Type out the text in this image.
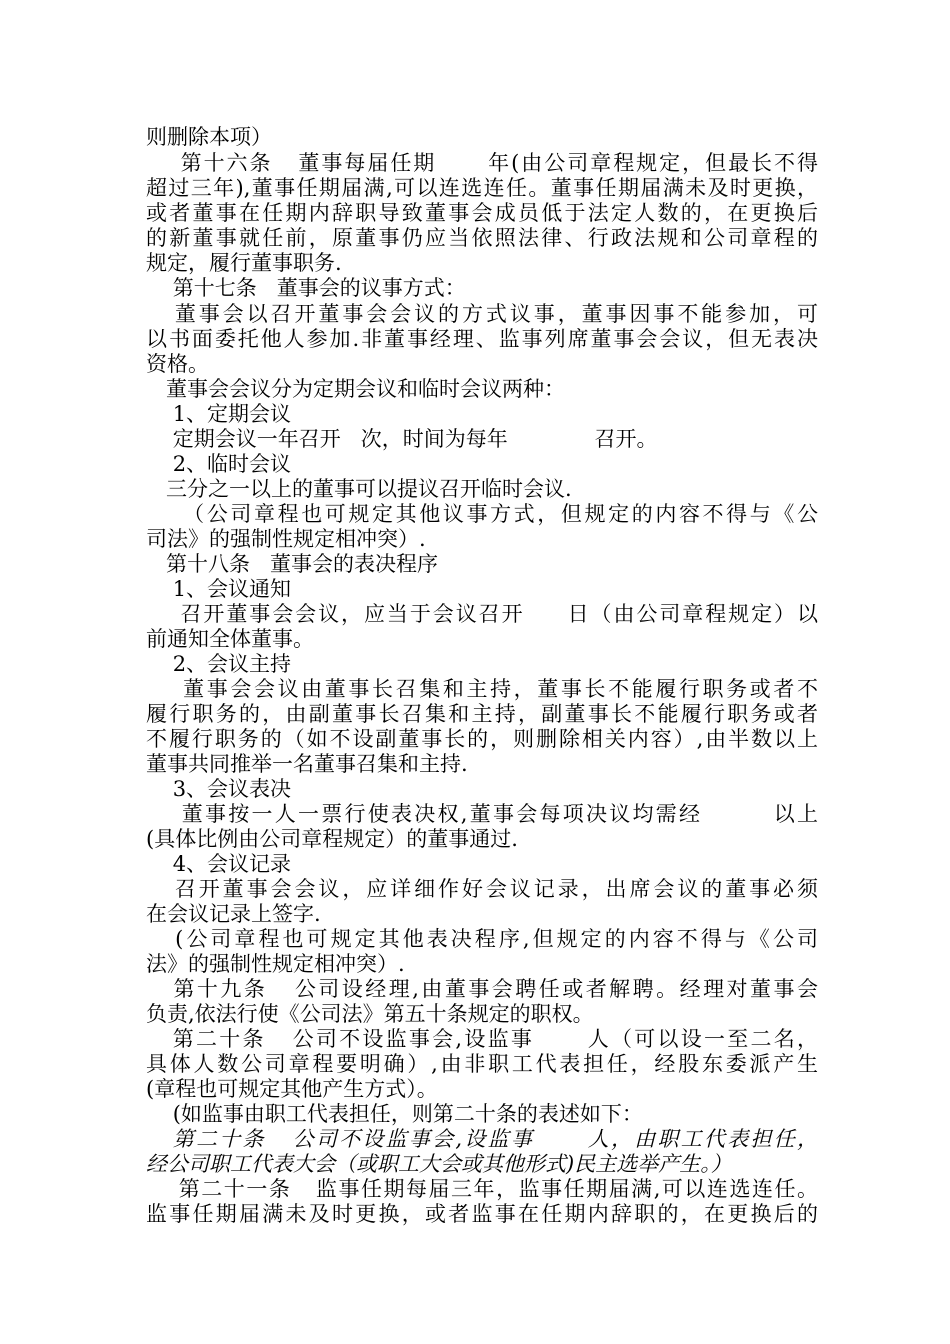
则删除本项）

第十六条   董事每届任期      年(由公司章程规定，但最长不得

超过三年),董事任期届满,可以连选连任。董事任期届满未及时更换，

或者董事在任期内辞职导致董事会成员低于法定人数的，在更换后

的新董事就任前，原董事仍应当依照法律、行政法规和公司章程的

规定，履行董事职务.

第十七条   董事会的议事方式：

董事会以召开董事会会议的方式议事，董事因事不能参加，可

以书面委托他人参加.非董事经理、监事列席董事会会议，但无表决

资格。

董事会会议分为定期会议和临时会议两种：

1、定期会议

定期会议一年召开   次，时间为每年             召开。

2、临时会议

三分之一以上的董事可以提议召开临时会议.

（公司章程也可规定其他议事方式，但规定的内容不得与《公

司法》的强制性规定相冲突）.

第十八条   董事会的表决程序

1、会议通知

召开董事会会议，应当于会议召开     日（由公司章程规定）以

前通知全体董事。

2、会议主持

董事会会议由董事长召集和主持，董事长不能履行职务或者不

履行职务的，由副董事长召集和主持，副董事长不能履行职务或者

不履行职务的（如不设副董事长的，则删除相关内容）,由半数以上

董事共同推举一名董事召集和主持.

3、会议表决

董事按一人一票行使表决权,董事会每项决议均需经        以上

(具体比例由公司章程规定）的董事通过.

4、会议记录

召开董事会会议，应详细作好会议记录，出席会议的董事必须

在会议记录上签字.

(公司章程也可规定其他表决程序,但规定的内容不得与《公司

法》的强制性规定相冲突）.

第十九条   公司设经理,由董事会聘任或者解聘。经理对董事会

负责,依法行使《公司法》第五十条规定的职权。

第二十条   公司不设监事会,设监事      人（可以设一至二名，

具体人数公司章程要明确）,由非职工代表担任，经股东委派产生

(章程也可规定其他产生方式）。

(如监事由职工代表担任，则第二十条的表述如下：

第二十条   公司不设监事会,设监事      人，由职工代表担任，

经公司职工代表大会（或职工大会或其他形式)民主选举产生。）

第二十一条   监事任期每届三年，监事任期届满,可以连选连任。

监事任期届满未及时更换，或者监事在任期内辞职的，在更换后的
